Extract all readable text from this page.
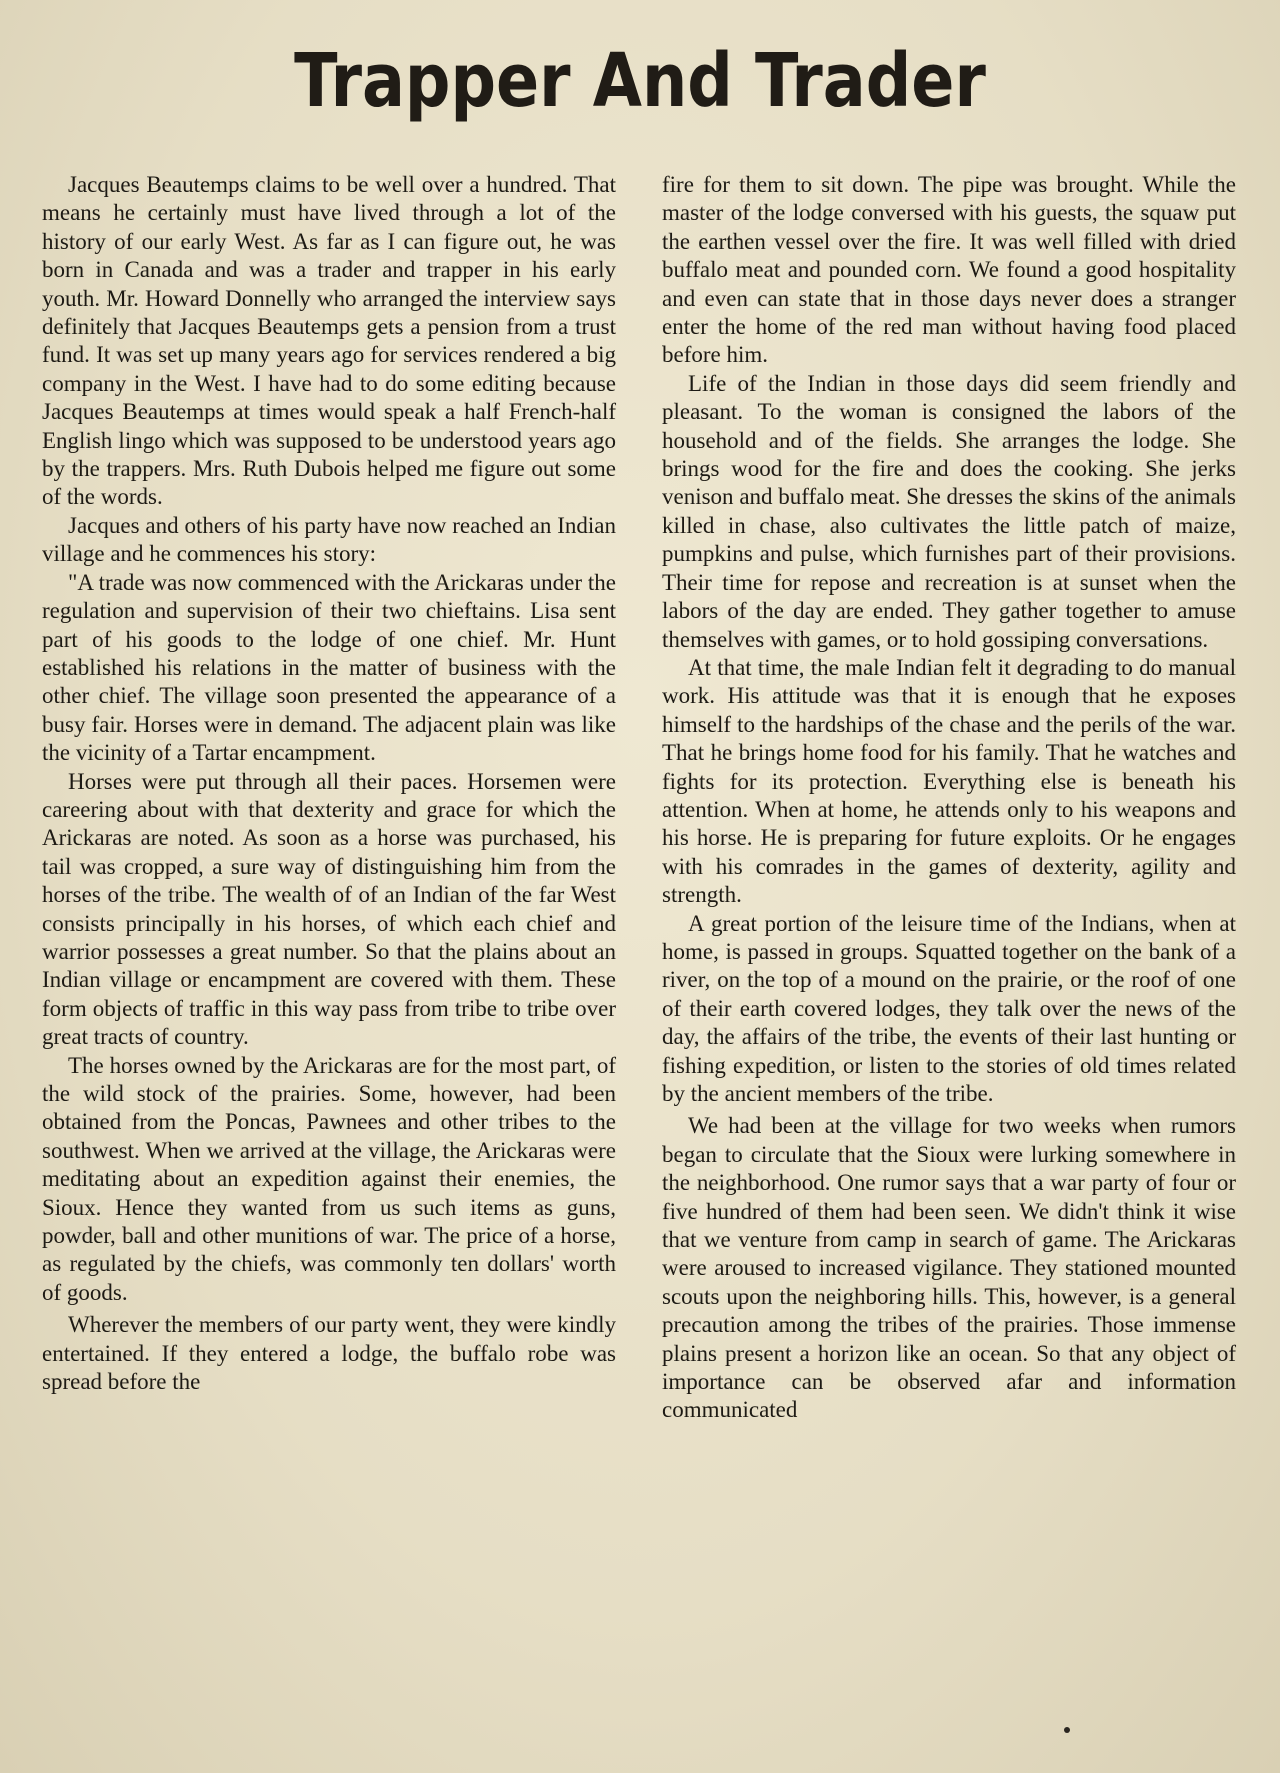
Trapper And Trader

Jacques Beautemps claims to be well over a hundred. That means he certainly must have lived through a lot of the history of our early West. As far as I can figure out, he was born in Canada and was a trader and trapper in his early youth. Mr. Howard Donnelly who arranged the interview says definitely that Jacques Beautemps gets a pension from a trust fund. It was set up many years ago for services rendered a big company in the West. I have had to do some editing because Jacques Beautemps at times would speak a half French-half English lingo which was supposed to be understood years ago by the trappers. Mrs. Ruth Dubois helped me figure out some of the words.

Jacques and others of his party have now reached an Indian village and he commences his story:

"A trade was now commenced with the Arickaras under the regulation and supervision of their two chieftains. Lisa sent part of his goods to the lodge of one chief. Mr. Hunt established his relations in the matter of business with the other chief. The village soon presented the appearance of a busy fair. Horses were in demand. The adjacent plain was like the vicinity of a Tartar encampment.

Horses were put through all their paces. Horsemen were careering about with that dexterity and grace for which the Arickaras are noted. As soon as a horse was purchased, his tail was cropped, a sure way of distinguishing him from the horses of the tribe. The wealth of of an Indian of the far West consists principally in his horses, of which each chief and warrior possesses a great number. So that the plains about an Indian village or encampment are covered with them. These form objects of traffic in this way pass from tribe to tribe over great tracts of country.

The horses owned by the Arickaras are for the most part, of the wild stock of the prairies. Some, however, had been obtained from the Poncas, Pawnees and other tribes to the southwest. When we arrived at the village, the Arickaras were meditating about an expedition against their enemies, the Sioux. Hence they wanted from us such items as guns, powder, ball and other munitions of war. The price of a horse, as regulated by the chiefs, was commonly ten dollars' worth of goods.

Wherever the members of our party went, they were kindly entertained. If they entered a lodge, the buffalo robe was spread before the

fire for them to sit down. The pipe was brought. While the master of the lodge conversed with his guests, the squaw put the earthen vessel over the fire. It was well filled with dried buffalo meat and pounded corn. We found a good hospitality and even can state that in those days never does a stranger enter the home of the red man without having food placed before him.

Life of the Indian in those days did seem friendly and pleasant. To the woman is consigned the labors of the household and of the fields. She arranges the lodge. She brings wood for the fire and does the cooking. She jerks venison and buffalo meat. She dresses the skins of the animals killed in chase, also cultivates the little patch of maize, pumpkins and pulse, which furnishes part of their provisions. Their time for repose and recreation is at sunset when the labors of the day are ended. They gather together to amuse themselves with games, or to hold gossiping conversations.

At that time, the male Indian felt it degrading to do manual work. His attitude was that it is enough that he exposes himself to the hardships of the chase and the perils of the war. That he brings home food for his family. That he watches and fights for its protection. Everything else is beneath his attention. When at home, he attends only to his weapons and his horse. He is preparing for future exploits. Or he engages with his comrades in the games of dexterity, agility and strength.

A great portion of the leisure time of the Indians, when at home, is passed in groups. Squatted together on the bank of a river, on the top of a mound on the prairie, or the roof of one of their earth covered lodges, they talk over the news of the day, the affairs of the tribe, the events of their last hunting or fishing expedition, or listen to the stories of old times related by the ancient members of the tribe.

We had been at the village for two weeks when rumors began to circulate that the Sioux were lurking somewhere in the neighborhood. One rumor says that a war party of four or five hundred of them had been seen. We didn't think it wise that we venture from camp in search of game. The Arickaras were aroused to increased vigilance. They stationed mounted scouts upon the neighboring hills. This, however, is a general precaution among the tribes of the prairies. Those immense plains present a horizon like an ocean. So that any object of importance can be observed afar and information communicated
